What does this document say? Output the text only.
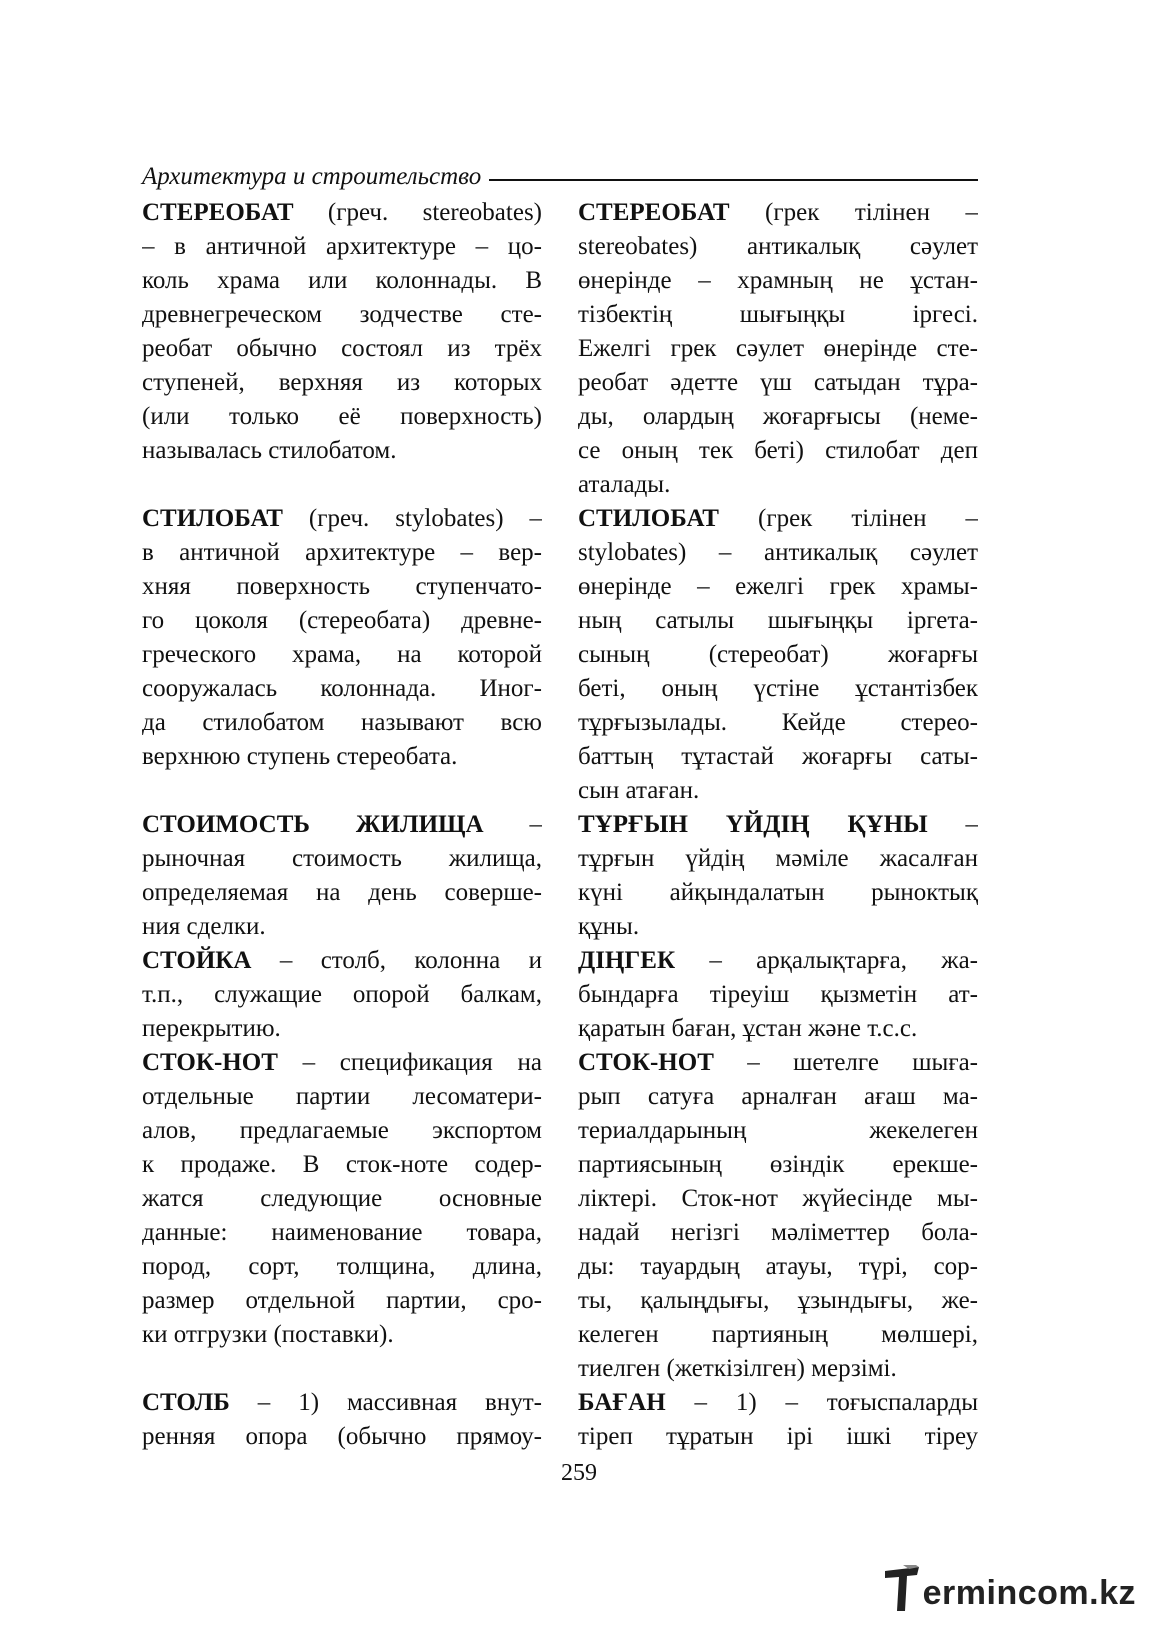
Архитектура и строительство
СТЕРЕОБАТ (греч. stereobates)
– в античной архитектуре – цо-
коль храма или колоннады. В
древнегреческом зодчестве сте-
реобат обычно состоял из трёх
ступеней, верхняя из которых
(или только её поверхность)
называлась стилобатом.
СТИЛОБАТ (греч. stylobates) –
в античной архитектуре – вер-
хняя поверхность ступенчато-
го цоколя (стереобата) древне-
греческого храма, на которой
сооружалась колоннада. Иног-
да стилобатом называют всю
верхнюю ступень стереобата.
СТОИМОСТЬ ЖИЛИЩА –
рыночная стоимость жилища,
определяемая на день соверше-
ния сделки.
СТОЙКА – столб, колонна и
т.п., служащие опорой балкам,
перекрытию.
СТОК-НОТ – спецификация на
отдельные партии лесоматери-
алов, предлагаемые экспортом
к продаже. В сток-ноте содер-
жатся следующие основные
данные: наименование товара,
пород, сорт, толщина, длина,
размер отдельной партии, сро-
ки отгрузки (поставки).
СТОЛБ – 1) массивная внут-
ренняя опора (обычно прямоу-
СТЕРЕОБАТ (грек тілінен –
stereobates) антикалық сәулет
өнерінде – храмның не ұстан-
тізбектің шығыңқы іргесі.
Ежелгі грек сәулет өнерінде сте-
реобат әдетте үш сатыдан тұра-
ды, олардың жоғарғысы (неме-
се оның тек беті) стилобат деп
аталады.
СТИЛОБАТ (грек тілінен –
stylobates) – антикалық сәулет
өнерінде – ежелгі грек храмы-
ның сатылы шығыңқы іргета-
сының (стереобат) жоғарғы
беті, оның үстіне ұстантізбек
тұрғызылады. Кейде стерео-
баттың тұтастай жоғарғы саты-
сын атаған.
ТҰРҒЫН ҮЙДІҢ ҚҰНЫ –
тұрғын үйдің мәміле жасалған
күні айқындалатын рыноктық
құны.
ДІҢГЕК – арқалықтарға, жа-
бындарға тіреуіш қызметін ат-
қаратын баған, ұстан және т.с.с.
СТОК-НОТ – шетелге шыға-
рып сатуға арналған ағаш ма-
териалдарының жекелеген
партиясының өзіндік ерекше-
ліктері. Сток-нот жүйесінде мы-
надай негізгі мәліметтер бола-
ды: тауардың атауы, түрі, сор-
ты, қалыңдығы, ұзындығы, же-
келеген партияның мөлшері,
тиелген (жеткізілген) мерзімі.
БАҒАН – 1) – тоғыспаларды
тіреп тұратын ірі ішкі тіреу
259
ermincom.kz
